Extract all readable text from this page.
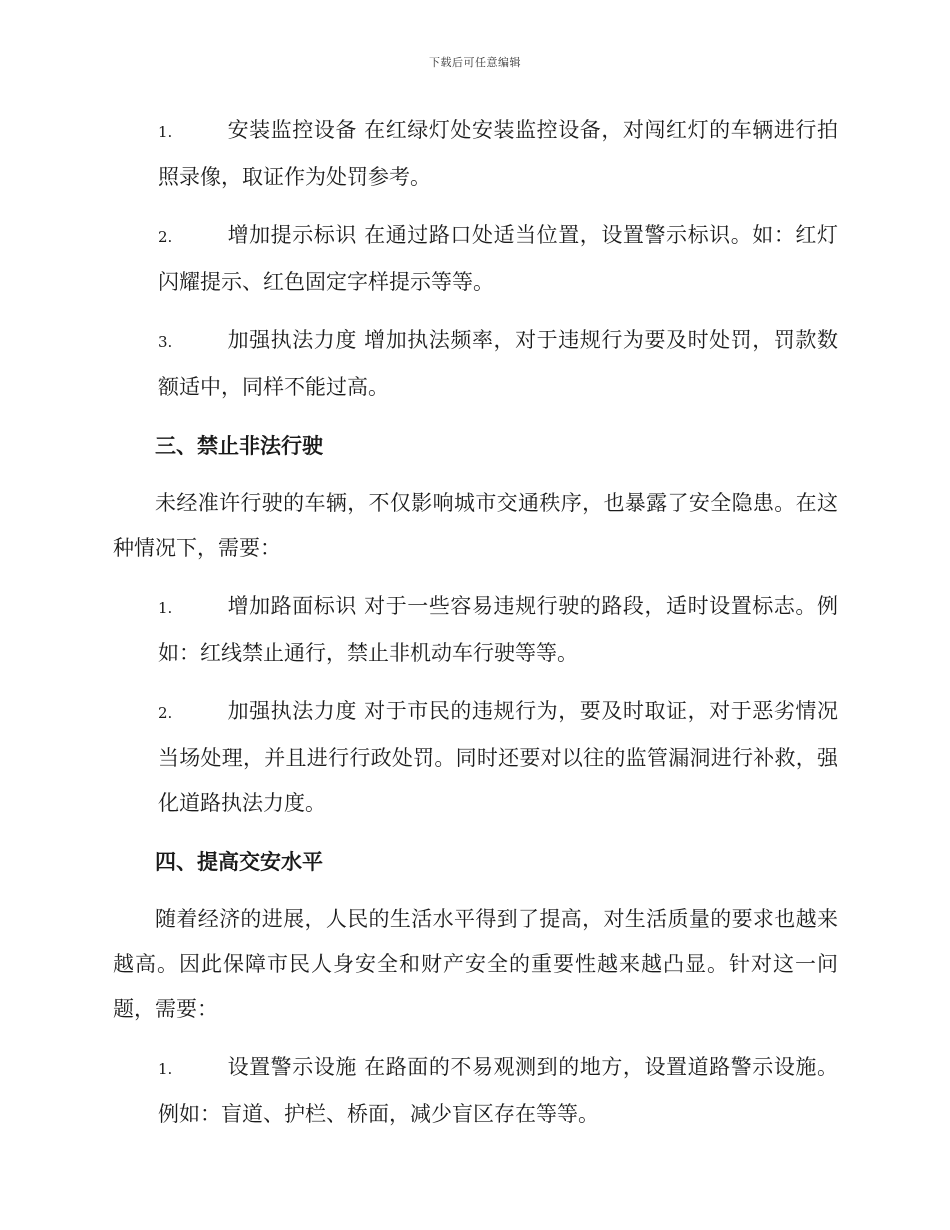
下载后可任意编辑

1.	安装监控设备 在红绿灯处安装监控设备，对闯红灯的车辆进行拍照录像，取证作为处罚参考。

2.	增加提示标识 在通过路口处适当位置，设置警示标识。如：红灯闪耀提示、红色固定字样提示等等。

3.	加强执法力度 增加执法频率，对于违规行为要及时处罚，罚款数额适中，同样不能过高。

三、禁止非法行驶

未经准许行驶的车辆，不仅影响城市交通秩序，也暴露了安全隐患。在这种情况下，需要：

1.	增加路面标识 对于一些容易违规行驶的路段，适时设置标志。例如：红线禁止通行，禁止非机动车行驶等等。

2.	加强执法力度 对于市民的违规行为，要及时取证，对于恶劣情况当场处理，并且进行行政处罚。同时还要对以往的监管漏洞进行补救，强化道路执法力度。

四、提高交安水平

随着经济的进展，人民的生活水平得到了提高，对生活质量的要求也越来越高。因此保障市民人身安全和财产安全的重要性越来越凸显。针对这一问题，需要：

1.	设置警示设施 在路面的不易观测到的地方，设置道路警示设施。例如：盲道、护栏、桥面，减少盲区存在等等。
